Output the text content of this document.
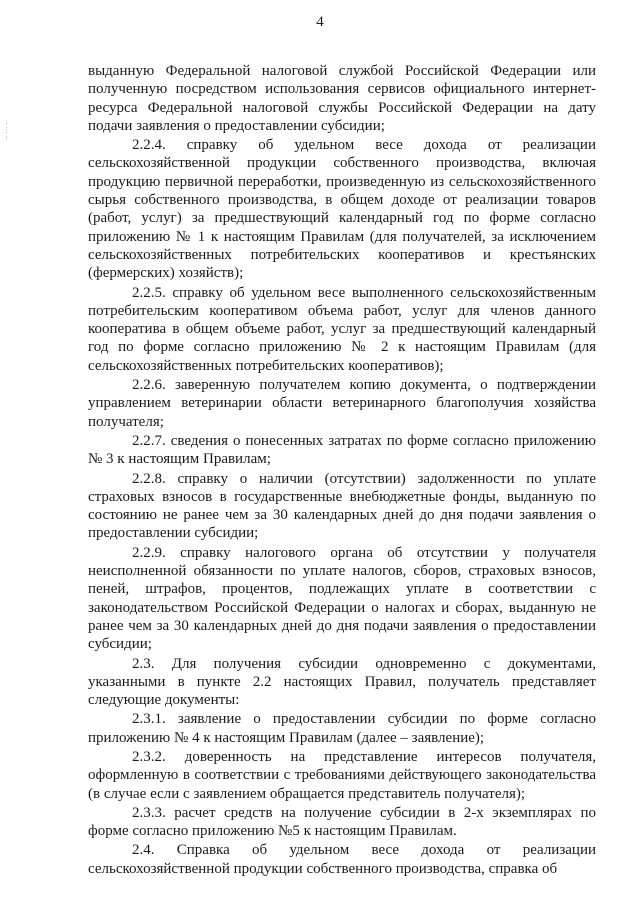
4
·· ··· ··

выданную Федеральной налоговой службой Российской Федерации или полученную посредством использования сервисов официального интернет-ресурса Федеральной налоговой службы Российской Федерации на дату подачи заявления о предоставлении субсидии;

2.2.4. справку об удельном весе дохода от реализации сельскохозяйственной продукции собственного производства, включая продукцию первичной переработки, произведенную из сельскохозяйственного сырья собственного производства, в общем доходе от реализации товаров (работ, услуг) за предшествующий календарный год по форме согласно приложению № 1 к настоящим Правилам (для получателей, за исключением сельскохозяйственных потребительских кооперативов и крестьянских (фермерских) хозяйств);

2.2.5. справку об удельном весе выполненного сельскохозяйственным потребительским кооперативом объема работ, услуг для членов данного кооператива в общем объеме работ, услуг за предшествующий календарный год по форме согласно приложению № 2 к настоящим Правилам (для сельскохозяйственных потребительских кооперативов);

2.2.6. заверенную получателем копию документа, о подтверждении управлением ветеринарии области ветеринарного благополучия хозяйства получателя;

2.2.7. сведения о понесенных затратах по форме согласно приложению № 3 к настоящим Правилам;

2.2.8. справку о наличии (отсутствии) задолженности по уплате страховых взносов в государственные внебюджетные фонды, выданную по состоянию не ранее чем за 30 календарных дней до дня подачи заявления о предоставлении субсидии;

2.2.9. справку налогового органа об отсутствии у получателя неисполненной обязанности по уплате налогов, сборов, страховых взносов, пеней, штрафов, процентов, подлежащих уплате в соответствии с законодательством Российской Федерации о налогах и сборах, выданную не ранее чем за 30 календарных дней до дня подачи заявления о предоставлении субсидии;

2.3. Для получения субсидии одновременно с документами, указанными в пункте 2.2 настоящих Правил, получатель представляет следующие документы:

2.3.1. заявление о предоставлении субсидии по форме согласно приложению № 4 к настоящим Правилам (далее – заявление);

2.3.2. доверенность на представление интересов получателя, оформленную в соответствии с требованиями действующего законодательства (в случае если с заявлением обращается представитель получателя);

2.3.3. расчет средств на получение субсидии в 2-х экземплярах по форме согласно приложению №5 к настоящим Правилам.

2.4. Справка об удельном весе дохода от реализации сельскохозяйственной продукции собственного производства, справка об
